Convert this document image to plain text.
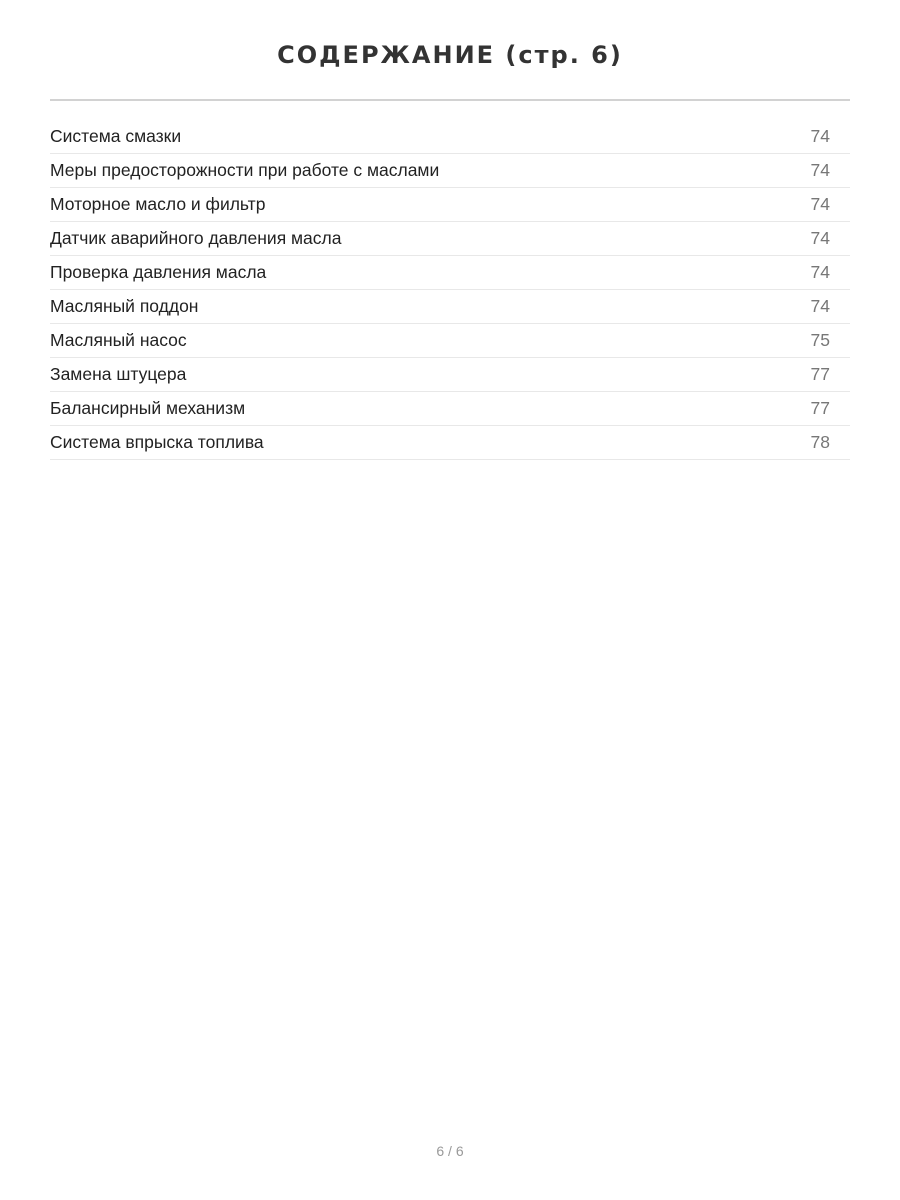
СОДЕРЖАНИЕ (стр. 6)
Система смазки	74
Меры предосторожности при работе с маслами	74
Моторное масло и фильтр	74
Датчик аварийного давления масла	74
Проверка давления масла	74
Масляный поддон	74
Масляный насос	75
Замена штуцера	77
Балансирный механизм	77
Система впрыска топлива	78
6 / 6
